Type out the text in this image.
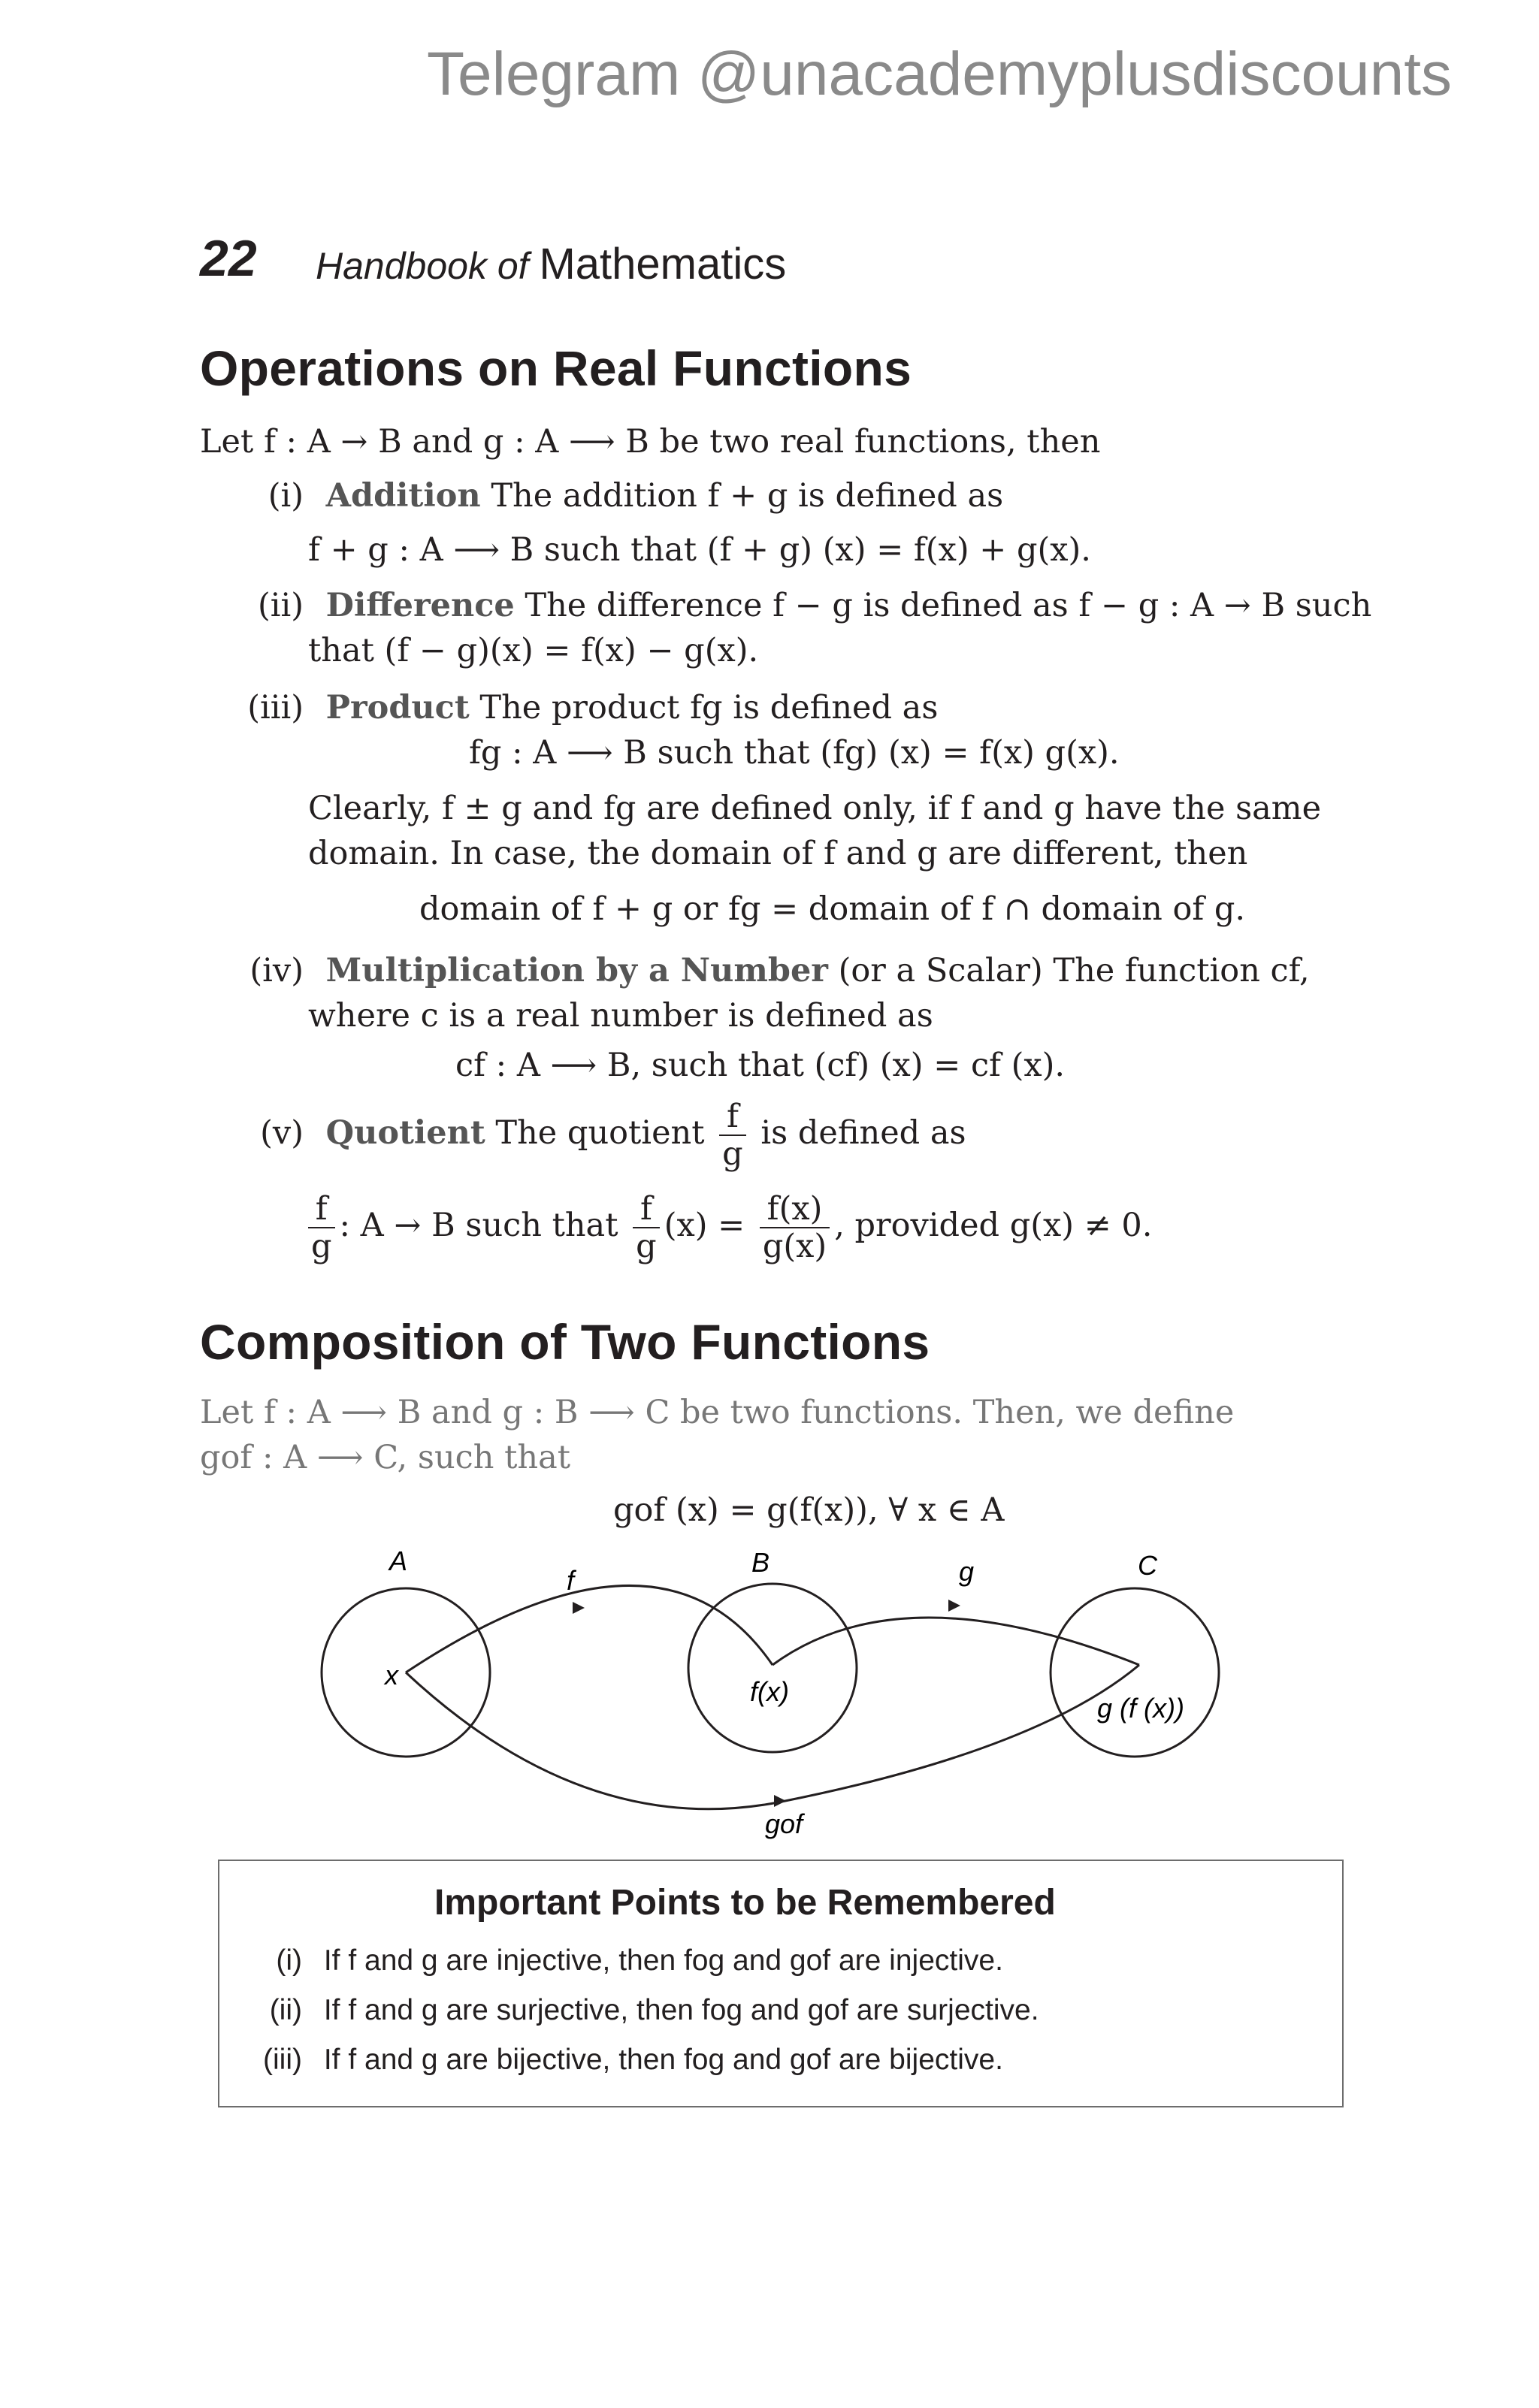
Telegram @unacademyplusdiscounts
22 Handbook of Mathematics
Operations on Real Functions
Let f : A → B and g : A ⟶ B be two real functions, then
(i) Addition The addition f + g is defined as
f + g : A ⟶ B such that (f + g) (x) = f(x) + g(x).
(ii) Difference The difference f − g is defined as f − g : A → B such
that (f − g)(x) = f(x) − g(x).
(iii) Product The product fg is defined as
fg : A ⟶ B such that (fg) (x) = f(x) g(x).
Clearly, f ± g and fg are defined only, if f and g have the same
domain. In case, the domain of f and g are different, then
domain of f + g or fg = domain of f ∩ domain of g.
(iv) Multiplication by a Number (or a Scalar) The function cf,
where c is a real number is defined as
cf : A ⟶ B, such that (cf) (x) = cf (x).
(v) Quotient The quotient $\frac{f}{g}$ is defined as
$\frac{f}{g}$ : A → B such that $\frac{f}{g} (x) = \frac{f(x)}{g(x)}$ , provided g(x) ≠ 0.
Composition of Two Functions
Let f : A ⟶ B and g : B ⟶ C be two functions. Then, we define
gof : A ⟶ C, such that
gof (x) = g(f(x)), ∀ x ∈ A
A	B	C
f	g
gof
x
f(x)
g (f (x))
Important Points to be Remembered
(i) If f and g are injective, then fog and gof are injective.
(ii) If f and g are surjective, then fog and gof are surjective.
(iii) If f and g are bijective, then fog and gof are bijective.
